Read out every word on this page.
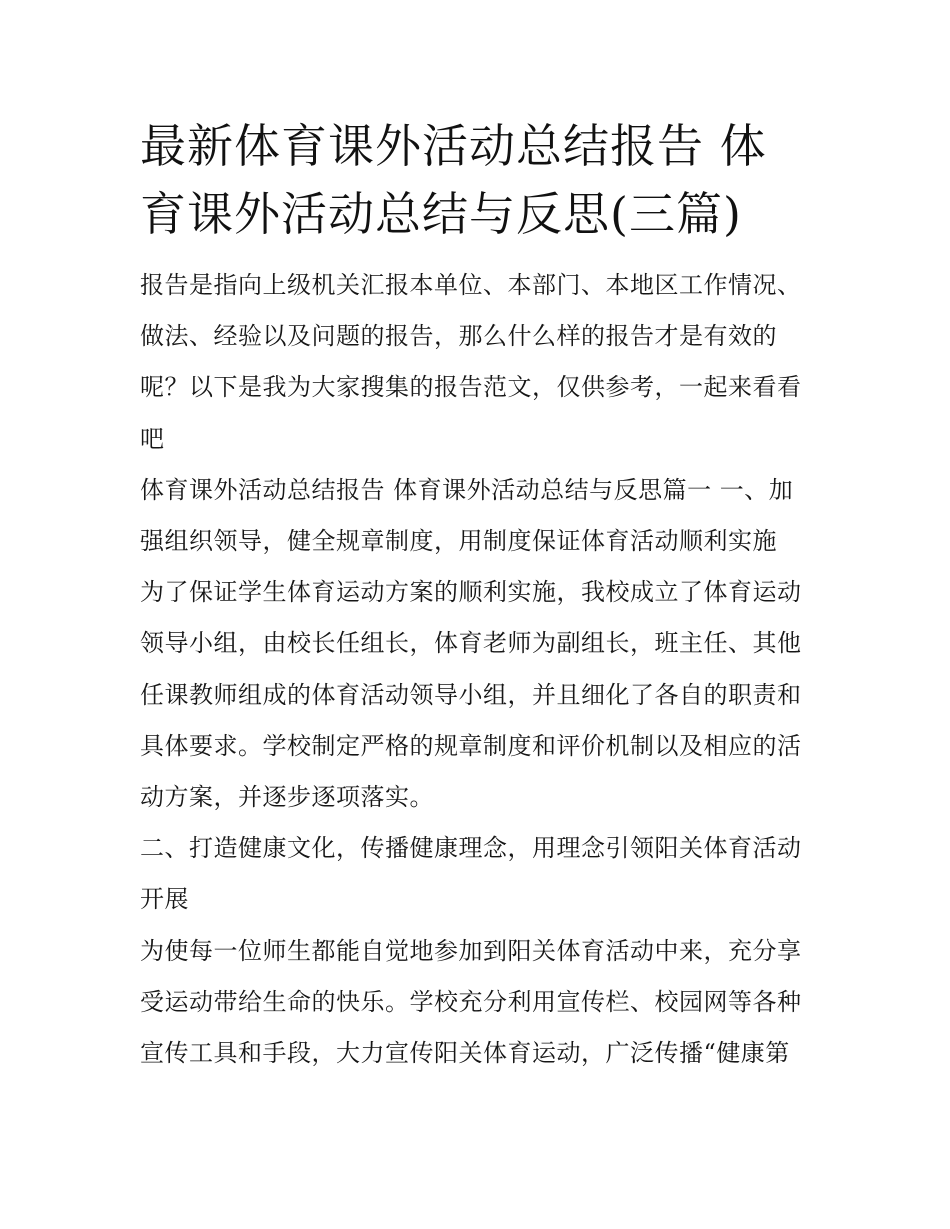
最新体育课外活动总结报告 体育课外活动总结与反思(三篇)

报告是指向上级机关汇报本单位、本部门、本地区工作情况、做法、经验以及问题的报告，那么什么样的报告才是有效的呢？以下是我为大家搜集的报告范文，仅供参考，一起来看看吧

体育课外活动总结报告 体育课外活动总结与反思篇一 一、加强组织领导，健全规章制度，用制度保证体育活动顺利实施

为了保证学生体育运动方案的顺利实施，我校成立了体育运动领导小组，由校长任组长，体育老师为副组长，班主任、其他任课教师组成的体育活动领导小组，并且细化了各自的职责和具体要求。学校制定严格的规章制度和评价机制以及相应的活动方案，并逐步逐项落实。

二、打造健康文化，传播健康理念，用理念引领阳关体育活动开展

为使每一位师生都能自觉地参加到阳关体育活动中来，充分享受运动带给生命的快乐。学校充分利用宣传栏、校园网等各种宣传工具和手段，大力宣传阳关体育运动，广泛传播“健康第
